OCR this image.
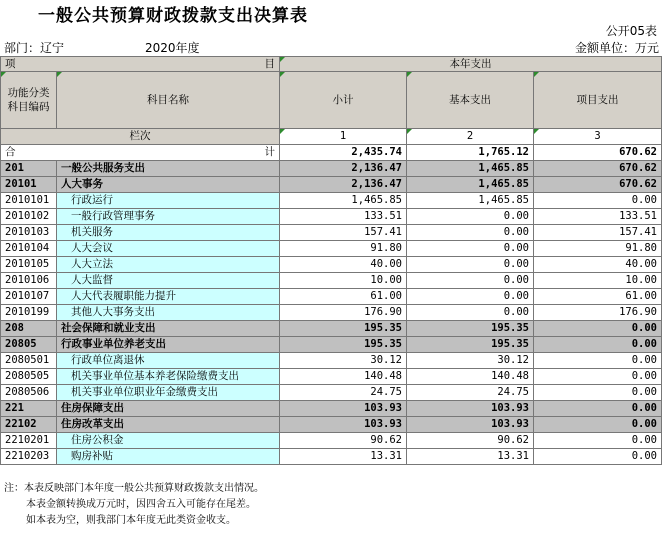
一般公共预算财政拨款支出决算表
公开05表
部门：辽宁	2020年度	金额单位：万元
项 目		本年支出		
功能分类科目编码	科目名称	小计	基本支出	项目支出
栏次		1	2	3
合 计		2,435.74	1,765.12	670.62
201	一般公共服务支出	2,136.47	1,465.85	670.62
20101	人大事务	2,136.47	1,465.85	670.62
2010101	行政运行	1,465.85	1,465.85	0.00
2010102	一般行政管理事务	133.51	0.00	133.51
2010103	机关服务	157.41	0.00	157.41
2010104	人大会议	91.80	0.00	91.80
2010105	人大立法	40.00	0.00	40.00
2010106	人大监督	10.00	0.00	10.00
2010107	人大代表履职能力提升	61.00	0.00	61.00
2010199	其他人大事务支出	176.90	0.00	176.90
208	社会保障和就业支出	195.35	195.35	0.00
20805	行政事业单位养老支出	195.35	195.35	0.00
2080501	行政单位离退休	30.12	30.12	0.00
2080505	机关事业单位基本养老保险缴费支出	140.48	140.48	0.00
2080506	机关事业单位职业年金缴费支出	24.75	24.75	0.00
221	住房保障支出	103.93	103.93	0.00
22102	住房改革支出	103.93	103.93	0.00
2210201	住房公积金	90.62	90.62	0.00
2210203	购房补贴	13.31	13.31	0.00
注：本表反映部门本年度一般公共预算财政拨款支出情况。
本表金额转换成万元时，因四舍五入可能存在尾差。
如本表为空，则我部门本年度无此类资金收支。
